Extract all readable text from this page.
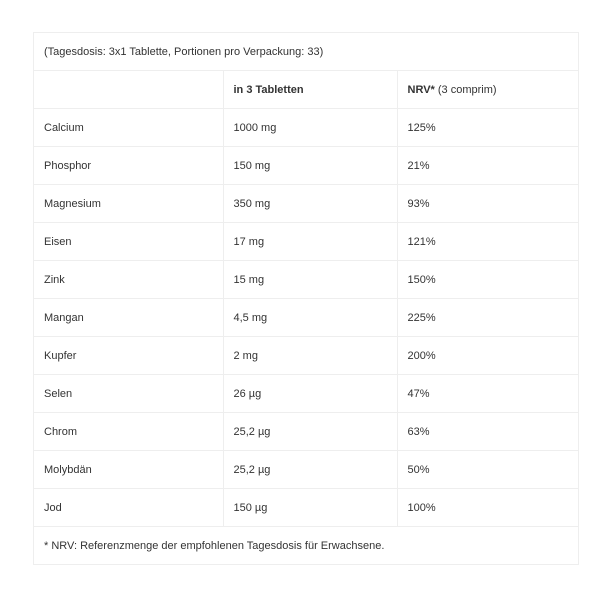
(Tagesdosis: 3x1 Tablette, Portionen pro Verpackung: 33)		
	in 3 Tabletten	NRV* (3 comprim)
Calcium	1000 mg	125%
Phosphor	150 mg	21%
Magnesium	350 mg	93%
Eisen	17 mg	121%
Zink	15 mg	150%
Mangan	4,5 mg	225%
Kupfer	2 mg	200%
Selen	26 µg	47%
Chrom	25,2 µg	63%
Molybdän	25,2 µg	50%
Jod	150 µg	100%
* NRV: Referenzmenge der empfohlenen Tagesdosis für Erwachsene.		
